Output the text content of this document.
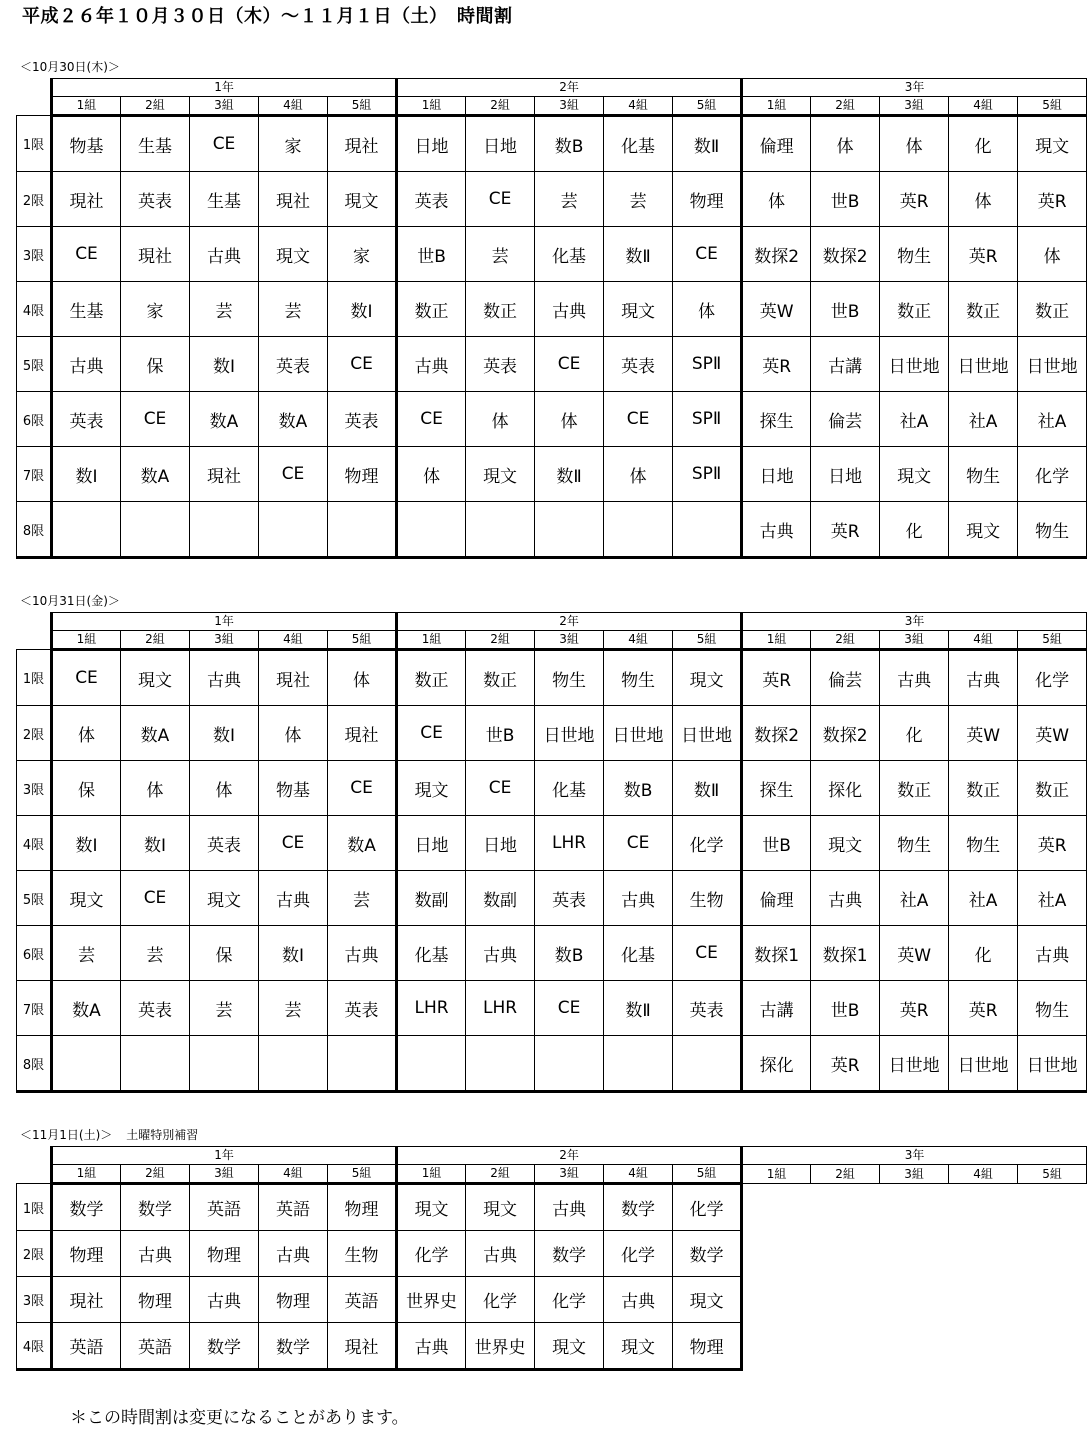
平成２６年１０月３０日（木）～１１月１日（土）　時間割
＜10月30日(木)＞
	1年					2年					3年				
	1組	2組	3組	4組	5組	1組	2組	3組	4組	5組	1組	2組	3組	4組	5組
1限	物基	生基	CE	家	現社	日地	日地	数B	化基	数Ⅱ	倫理	体	体	化	現文
2限	現社	英表	生基	現社	現文	英表	CE	芸	芸	物理	体	世B	英R	体	英R
3限	CE	現社	古典	現文	家	世B	芸	化基	数Ⅱ	CE	数探2	数探2	物生	英R	体
4限	生基	家	芸	芸	数Ⅰ	数正	数正	古典	現文	体	英W	世B	数正	数正	数正
5限	古典	保	数Ⅰ	英表	CE	古典	英表	CE	英表	SPⅡ	英R	古講	日世地	日世地	日世地
6限	英表	CE	数A	数A	英表	CE	体	体	CE	SPⅡ	探生	倫芸	社A	社A	社A
7限	数Ⅰ	数A	現社	CE	物理	体	現文	数Ⅱ	体	SPⅡ	日地	日地	現文	物生	化学
8限											古典	英R	化	現文	物生
＜10月31日(金)＞
	1年					2年					3年				
	1組	2組	3組	4組	5組	1組	2組	3組	4組	5組	1組	2組	3組	4組	5組
1限	CE	現文	古典	現社	体	数正	数正	物生	物生	現文	英R	倫芸	古典	古典	化学
2限	体	数A	数Ⅰ	体	現社	CE	世B	日世地	日世地	日世地	数探2	数探2	化	英W	英W
3限	保	体	体	物基	CE	現文	CE	化基	数B	数Ⅱ	探生	探化	数正	数正	数正
4限	数Ⅰ	数Ⅰ	英表	CE	数A	日地	日地	LHR	CE	化学	世B	現文	物生	物生	英R
5限	現文	CE	現文	古典	芸	数副	数副	英表	古典	生物	倫理	古典	社A	社A	社A
6限	芸	芸	保	数Ⅰ	古典	化基	古典	数B	化基	CE	数探1	数探1	英W	化	古典
7限	数A	英表	芸	芸	英表	LHR	LHR	CE	数Ⅱ	英表	古講	世B	英R	英R	物生
8限											探化	英R	日世地	日世地	日世地
＜11月1日(土)＞ 土曜特別補習
	1年					2年					3年				
	1組	2組	3組	4組	5組	1組	2組	3組	4組	5組	1組	2組	3組	4組	5組
1限	数学	数学	英語	英語	物理	現文	現文	古典	数学	化学					
2限	物理	古典	物理	古典	生物	化学	古典	数学	化学	数学					
3限	現社	物理	古典	物理	英語	世界史	化学	化学	古典	現文					
4限	英語	英語	数学	数学	現社	古典	世界史	現文	現文	物理					
＊この時間割は変更になることがあります。
